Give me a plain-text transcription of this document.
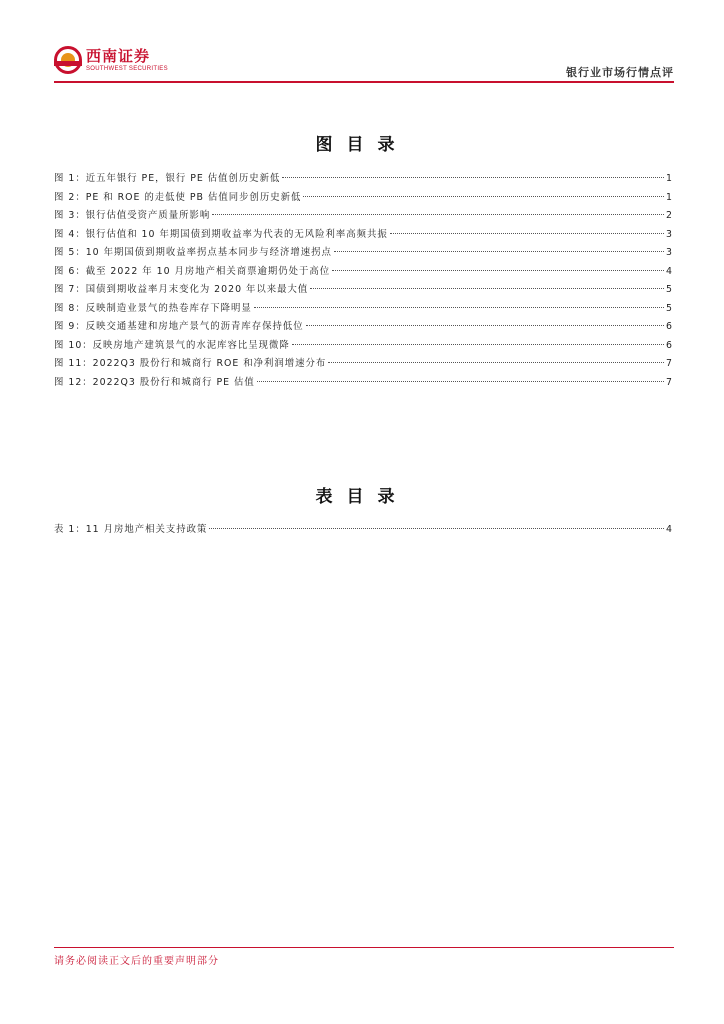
西南证券
SOUTHWEST SECURITIES	银行业市场行情点评
图目录
图 1：近五年银行 PE，银行 PE 估值创历史新低	1
图 2：PE 和 ROE 的走低使 PB 估值同步创历史新低	1
图 3：银行估值受资产质量所影响	2
图 4：银行估值和 10 年期国债到期收益率为代表的无风险利率高频共振	3
图 5：10 年期国债到期收益率拐点基本同步与经济增速拐点	3
图 6：截至 2022 年 10 月房地产相关商票逾期仍处于高位	4
图 7：国债到期收益率月末变化为 2020 年以来最大值	5
图 8：反映制造业景气的热卷库存下降明显	5
图 9：反映交通基建和房地产景气的沥青库存保持低位	6
图 10：反映房地产建筑景气的水泥库容比呈现微降	6
图 11：2022Q3 股份行和城商行 ROE 和净利润增速分布	7
图 12：2022Q3 股份行和城商行 PE 估值	7
表目录
表 1：11 月房地产相关支持政策	4
请务必阅读正文后的重要声明部分
